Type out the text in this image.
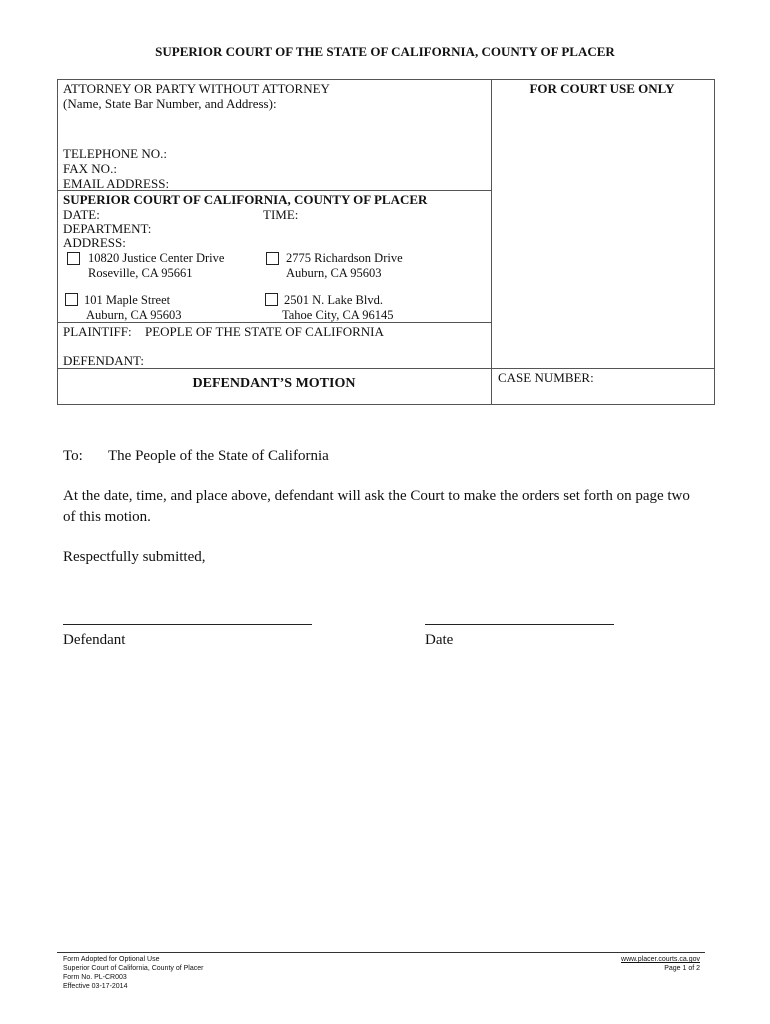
SUPERIOR COURT OF THE STATE OF CALIFORNIA, COUNTY OF PLACER
ATTORNEY OR PARTY WITHOUT ATTORNEY
(Name, State Bar Number, and Address):
TELEPHONE NO.:
FAX NO.:
EMAIL ADDRESS:
FOR COURT USE ONLY
SUPERIOR COURT OF CALIFORNIA, COUNTY OF PLACER
DATE:	TIME:
DEPARTMENT:
ADDRESS:
10820 Justice Center Drive
Roseville, CA 95661
2775 Richardson Drive
Auburn, CA 95603
101 Maple Street
Auburn, CA 95603
2501 N. Lake Blvd.
Tahoe City, CA 96145
PLAINTIFF: PEOPLE OF THE STATE OF CALIFORNIA
DEFENDANT:
DEFENDANT’S MOTION	CASE NUMBER:
To: The People of the State of California
At the date, time, and place above, defendant will ask the Court to make the orders set forth on page two
of this motion.
Respectfully submitted,
Defendant	Date
Form Adopted for Optional Use
Superior Court of California, County of Placer
Form No. PL-CR003
Effective 03-17-2014
www.placer.courts.ca.gov
Page 1 of 2
